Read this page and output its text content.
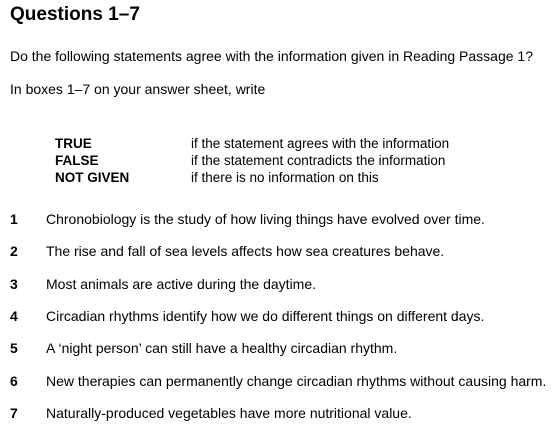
Questions 1–7
Do the following statements agree with the information given in Reading Passage 1?
In boxes 1–7 on your answer sheet, write
TRUE	if the statement agrees with the information
FALSE	if the statement contradicts the information
NOT GIVEN	if there is no information on this
1	Chronobiology is the study of how living things have evolved over time.
2	The rise and fall of sea levels affects how sea creatures behave.
3	Most animals are active during the daytime.
4	Circadian rhythms identify how we do different things on different days.
5	A ‘night person’ can still have a healthy circadian rhythm.
6	New therapies can permanently change circadian rhythms without causing harm.
7	Naturally-produced vegetables have more nutritional value.
